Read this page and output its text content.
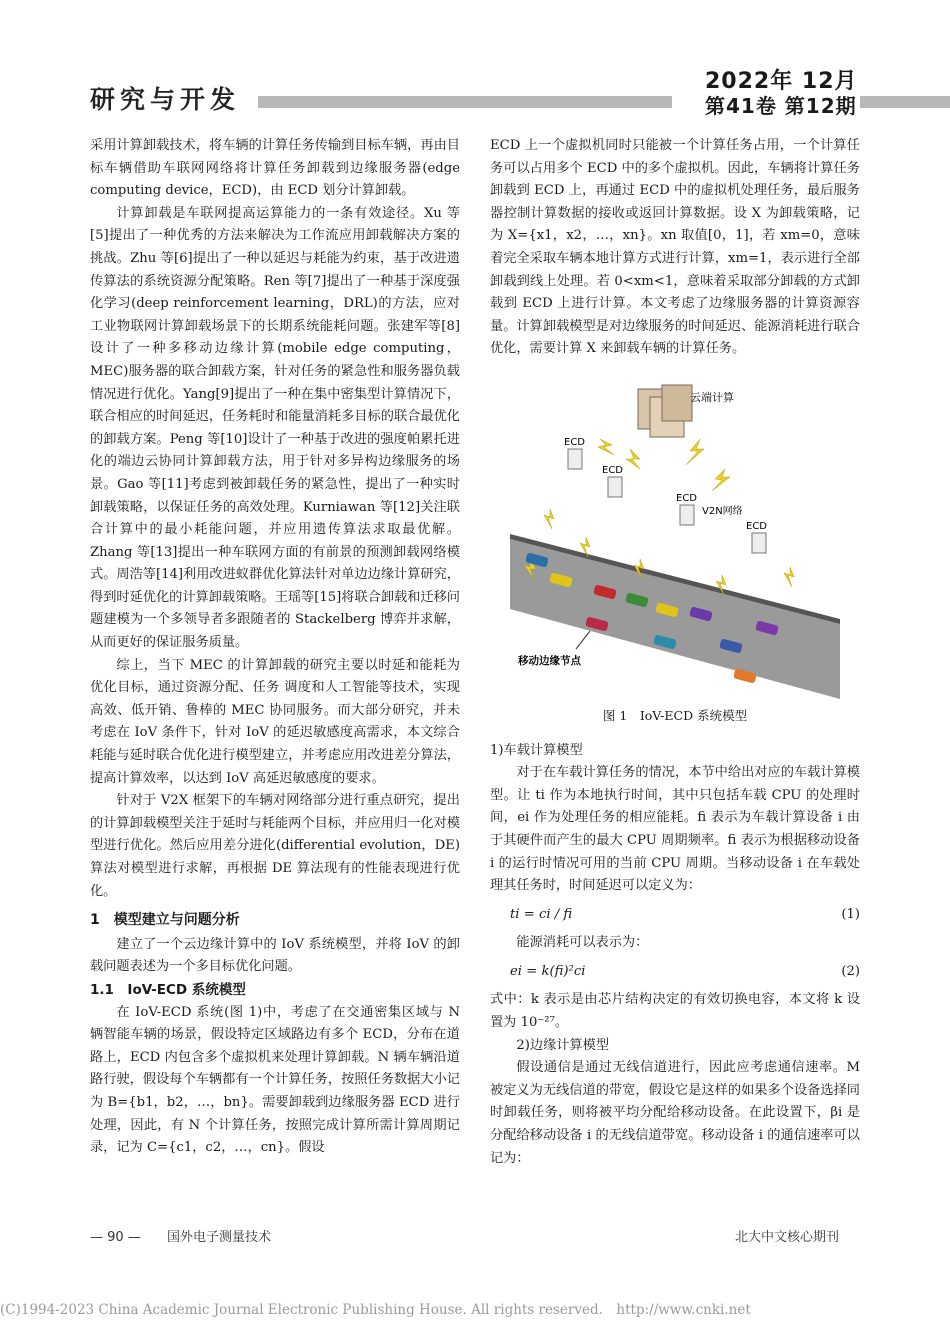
研究与开发
2022年 12月
第41卷 第12期

采用计算卸载技术，将车辆的计算任务传输到目标车辆，再由目标车辆借助车联网网络将计算任务卸载到边缘服务器(edge computing device，ECD)，由 ECD 划分计算卸载。

计算卸载是车联网提高运算能力的一条有效途径。Xu 等[5]提出了一种优秀的方法来解决为工作流应用卸载解决方案的挑战。Zhu 等[6]提出了一种以延迟与耗能为约束，基于改进遗传算法的系统资源分配策略。Ren 等[7]提出了一种基于深度强化学习(deep reinforcement learning，DRL)的方法，应对工业物联网计算卸载场景下的长期系统能耗问题。张建军等[8]设计了一种多移动边缘计算(mobile edge computing，MEC)服务器的联合卸载方案，针对任务的紧急性和服务器负载情况进行优化。Yang[9]提出了一种在集中密集型计算情况下，联合相应的时间延迟，任务耗时和能量消耗多目标的联合最优化的卸载方案。Peng 等[10]设计了一种基于改进的强度帕累托进化的端边云协同计算卸载方法，用于针对多异构边缘服务的场景。Gao 等[11]考虑到被卸载任务的紧急性，提出了一种实时卸载策略，以保证任务的高效处理。Kurniawan 等[12]关注联合计算中的最小耗能问题，并应用遗传算法求取最优解。Zhang 等[13]提出一种车联网方面的有前景的预测卸载网络模式。周浩等[14]利用改进蚁群优化算法针对单边边缘计算研究，得到时延优化的计算卸载策略。王瑶等[15]将联合卸载和迁移问题建模为一个多领导者多跟随者的 Stackelberg 博弈并求解，从而更好的保证服务质量。

综上，当下 MEC 的计算卸载的研究主要以时延和能耗为优化目标，通过资源分配、任务 调度和人工智能等技术，实现高效、低开销、鲁棒的 MEC 协同服务。而大部分研究，并未考虑在 IoV 条件下，针对 IoV 的延迟敏感度高需求，本文综合耗能与延时联合优化进行模型建立，并考虑应用改进差分算法，提高计算效率，以达到 IoV 高延迟敏感度的要求。

针对于 V2X 框架下的车辆对网络部分进行重点研究，提出的计算卸载模型关注于延时与耗能两个目标，并应用归一化对模型进行优化。然后应用差分进化(differential evolution，DE)算法对模型进行求解，再根据 DE 算法现有的性能表现进行优化。

1　模型建立与问题分析

建立了一个云边缘计算中的 IoV 系统模型，并将 IoV 的卸载问题表述为一个多目标优化问题。

1.1　IoV-ECD 系统模型

在 IoV-ECD 系统(图 1)中，考虑了在交通密集区域与 N 辆智能车辆的场景，假设特定区域路边有多个 ECD，分布在道路上，ECD 内包含多个虚拟机来处理计算卸载。N 辆车辆沿道路行驶，假设每个车辆都有一个计算任务，按照任务数据大小记为 B={b1，b2，…，bn}。需要卸载到边缘服务器 ECD 进行处理，因此，有 N 个计算任务，按照完成计算所需计算周期记录，记为 C={c1，c2，…，cn}。假设

ECD 上一个虚拟机同时只能被一个计算任务占用，一个计算任务可以占用多个 ECD 中的多个虚拟机。因此，车辆将计算任务卸载到 ECD 上，再通过 ECD 中的虚拟机处理任务，最后服务器控制计算数据的接收或返回计算数据。设 X 为卸载策略，记为 X={x1，x2，…，xn}。xn 取值[0，1]，若 xm=0，意味着完全采取车辆本地计算方式进行计算，xm=1，表示进行全部卸载到线上处理。若 0<xm<1，意味着采取部分卸载的方式卸载到 ECD 上进行计算。本文考虑了边缘服务器的计算资源容量。计算卸载模型是对边缘服务的时间延迟、能源消耗进行联合优化，需要计算 X 来卸载车辆的计算任务。

云端计算
V2N网络
ECD
ECD
ECD
ECD
移动边缘节点
图 1　IoV-ECD 系统模型

1)车载计算模型

对于在车载计算任务的情况，本节中给出对应的车载计算模型。让 ti 作为本地执行时间，其中只包括车载 CPU 的处理时间，ei 作为处理任务的相应能耗。fi 表示为车载计算设备 i 由于其硬件而产生的最大 CPU 周期频率。fi 表示为根据移动设备 i 的运行时情况可用的当前 CPU 周期。当移动设备 i 在车载处理其任务时，时间延迟可以定义为：

ti = ci / fi	(1)

能源消耗可以表示为：

ei = k(fi)²ci	(2)

式中：k 表示是由芯片结构决定的有效切换电容，本文将 k 设置为 10⁻²⁷。

2)边缘计算模型

假设通信是通过无线信道进行，因此应考虑通信速率。M 被定义为无线信道的带宽，假设它是这样的如果多个设备选择同时卸载任务，则将被平均分配给移动设备。在此设置下，βi 是分配给移动设备 i 的无线信道带宽。移动设备 i 的通信速率可以记为：

— 90 — 国外电子测量技术	北大中文核心期刊
(C)1994-2023 China Academic Journal Electronic Publishing House. All rights reserved.　http://www.cnki.net
